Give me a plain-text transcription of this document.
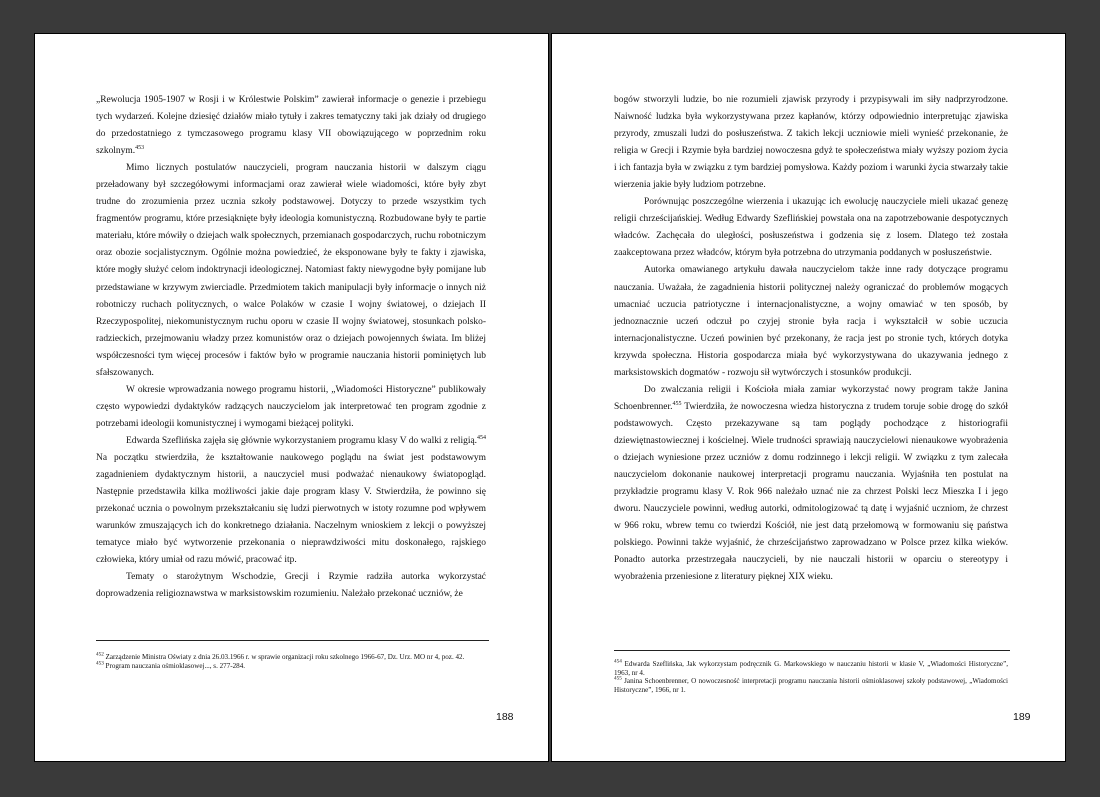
„Rewolucja 1905-1907 w Rosji i w Królestwie Polskim” zawierał informacje o genezie i przebiegu tych wydarzeń. Kolejne dziesięć działów miało tytuły i zakres tematyczny taki jak działy od drugiego do przedostatniego z tymczasowego programu klasy VII obowiązującego w poprzednim roku szkolnym.$^{453}$

Mimo licznych postulatów nauczycieli, program nauczania historii w dalszym ciągu przeładowany był szczegółowymi informacjami oraz zawierał wiele wiadomości, które były zbyt trudne do zrozumienia przez ucznia szkoły podstawowej. Dotyczy to przede wszystkim tych fragmentów programu, które przesiąknięte były ideologia komunistyczną. Rozbudowane były te partie materiału, które mówiły o dziejach walk społecznych, przemianach gospodarczych, ruchu robotniczym oraz obozie socjalistycznym. Ogólnie można powiedzieć, że eksponowane były te fakty i zjawiska, które mogły służyć celom indoktrynacji ideologicznej. Natomiast fakty niewygodne były pomijane lub przedstawiane w krzywym zwierciadle. Przedmiotem takich manipulacji były informacje o innych niż robotniczy ruchach politycznych, o walce Polaków w czasie I wojny światowej, o dziejach II Rzeczypospolitej, niekomunistycznym ruchu oporu w czasie II wojny światowej, stosunkach polsko-radzieckich, przejmowaniu władzy przez komunistów oraz o dziejach powojennych świata. Im bliżej współczesności tym więcej procesów i faktów było w programie nauczania historii pominiętych lub sfałszowanych.

W okresie wprowadzania nowego programu historii, „Wiadomości Historyczne” publikowały często wypowiedzi dydaktyków radzących nauczycielom jak interpretować ten program zgodnie z potrzebami ideologii komunistycznej i wymogami bieżącej polityki.

Edwarda Szeflińska zajęła się głównie wykorzystaniem programu klasy V do walki z religią.$^{454}$ Na początku stwierdziła, że kształtowanie naukowego poglądu na świat jest podstawowym zagadnieniem dydaktycznym historii, a nauczyciel musi podważać nienaukowy światopogląd. Następnie przedstawiła kilka możliwości jakie daje program klasy V. Stwierdziła, że powinno się przekonać ucznia o powolnym przekształcaniu się ludzi pierwotnych w istoty rozumne pod wpływem warunków zmuszających ich do konkretnego działania. Naczelnym wnioskiem z lekcji o powyższej tematyce miało być wytworzenie przekonania o nieprawdziwości mitu doskonałego, rajskiego człowieka, który umiał od razu mówić, pracować itp.

Tematy o starożytnym Wschodzie, Grecji i Rzymie radziła autorka wykorzystać doprowadzenia religioznawstwa w marksistowskim rozumieniu. Należało przekonać uczniów, że

$^{452}$ Zarządzenie Ministra Oświaty z dnia 26.03.1966 r. w sprawie organizacji roku szkolnego 1966-67, Dz. Urz. MO nr 4, poz. 42.

$^{453}$ Program nauczania ośmioklasowej..., s. 277-284.

188

bogów stworzyli ludzie, bo nie rozumieli zjawisk przyrody i przypisywali im siły nadprzyrodzone. Naiwność ludzka była wykorzystywana przez kapłanów, którzy odpowiednio interpretując zjawiska przyrody, zmuszali ludzi do posłuszeństwa. Z takich lekcji uczniowie mieli wynieść przekonanie, że religia w Grecji i Rzymie była bardziej nowoczesna gdyż te społeczeństwa miały wyższy poziom życia i ich fantazja była w związku z tym bardziej pomysłowa. Każdy poziom i warunki życia stwarzały takie wierzenia jakie były ludziom potrzebne.

Porównując poszczególne wierzenia i ukazując ich ewolucję nauczyciele mieli ukazać genezę religii chrześcijańskiej. Według Edwardy Szeflińskiej powstała ona na zapotrzebowanie despotycznych władców. Zachęcała do uległości, posłuszeństwa i godzenia się z losem. Dlatego też została zaakceptowana przez władców, którym była potrzebna do utrzymania poddanych w posłuszeństwie.

Autorka omawianego artykułu dawała nauczycielom także inne rady dotyczące programu nauczania. Uważała, że zagadnienia historii politycznej należy ograniczać do problemów mogących umacniać uczucia patriotyczne i internacjonalistyczne, a wojny omawiać w ten sposób, by jednoznacznie uczeń odczuł po czyjej stronie była racja i wykształcił w sobie uczucia internacjonalistyczne. Uczeń powinien być przekonany, że racja jest po stronie tych, których dotyka krzywda społeczna. Historia gospodarcza miała być wykorzystywana do ukazywania jednego z marksistowskich dogmatów - rozwoju sił wytwórczych i stosunków produkcji.

Do zwalczania religii i Kościoła miała zamiar wykorzystać nowy program także Janina Schoenbrenner.$^{455}$ Twierdziła, że nowoczesna wiedza historyczna z trudem toruje sobie drogę do szkół podstawowych. Często przekazywane są tam poglądy pochodzące z historiografii dziewiętnastowiecznej i kościelnej. Wiele trudności sprawiają nauczycielowi nienaukowe wyobrażenia o dziejach wyniesione przez uczniów z domu rodzinnego i lekcji religii. W związku z tym zalecała nauczycielom dokonanie naukowej interpretacji programu nauczania. Wyjaśniła ten postulat na przykładzie programu klasy V. Rok 966 należało uznać nie za chrzest Polski lecz Mieszka I i jego dworu. Nauczyciele powinni, według autorki, odmitologizować tą datę i wyjaśnić uczniom, że chrzest w 966 roku, wbrew temu co twierdzi Kościół, nie jest datą przełomową w formowaniu się państwa polskiego. Powinni także wyjaśnić, że chrześcijaństwo zaprowadzano w Polsce przez kilka wieków. Ponadto autorka przestrzegała nauczycieli, by nie nauczali historii w oparciu o stereotypy i wyobrażenia przeniesione z literatury pięknej XIX wieku.

$^{454}$ Edwarda Szeflińska, Jak wykorzystam podręcznik G. Markowskiego w nauczaniu historii w klasie V, „Wiadomości Historyczne”, 1963, nr 4.

$^{455}$ Janina Schoenbrenner, O nowoczesność interpretacji programu nauczania historii ośmioklasowej szkoły podstawowej, „Wiadomości Historyczne”, 1966, nr 1.

189
